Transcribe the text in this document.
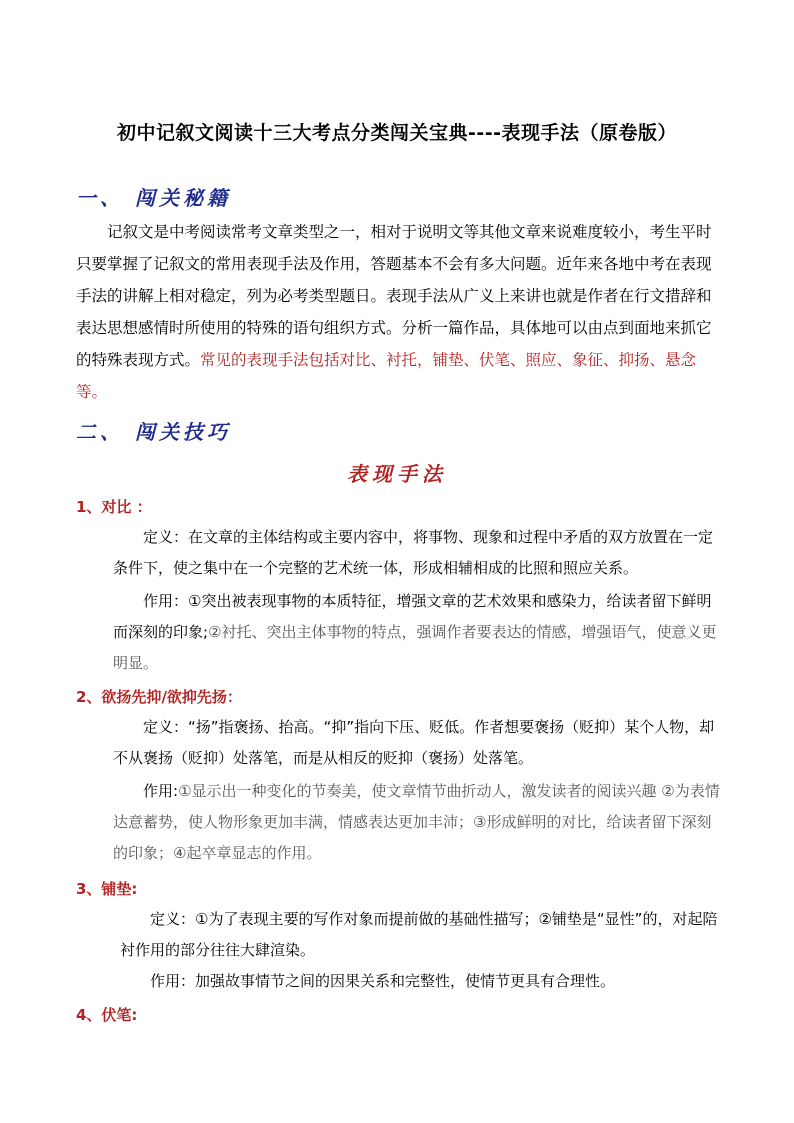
初中记叙文阅读十三大考点分类闯关宝典----表现手法（原卷版）
一、 闯关秘籍
记叙文是中考阅读常考文章类型之一，相对于说明文等其他文章来说难度较小，考生平时只要掌握了记叙文的常用表现手法及作用，答题基本不会有多大问题。近年来各地中考在表现手法的讲解上相对稳定，列为必考类型题日。表现手法从广义上来讲也就是作者在行文措辞和表达思想感情时所使用的特殊的语句组织方式。分析一篇作品，具体地可以由点到面地来抓它的特殊表现方式。常见的表现手法包括对比、衬托，铺垫、伏笔、照应、象征、抑扬、悬念等。
二、 闯关技巧
表现手法
1、对比 ：
定义：在文章的主体结构或主要内容中，将事物、现象和过程中矛盾的双方放置在一定条件下，使之集中在一个完整的艺术统一体，形成相辅相成的比照和照应关系。
作用：①突出被表现事物的本质特征，增强文章的艺术效果和感染力，给读者留下鲜明而深刻的印象;②衬托、突出主体事物的特点，强调作者要表达的情感，增强语气，使意义更明显。
2、欲扬先抑/欲抑先扬：
定义：“扬”指褒扬、抬高。“抑”指向下压、贬低。作者想要褒扬（贬抑）某个人物，却不从褒扬（贬抑）处落笔，而是从相反的贬抑（褒扬）处落笔。
作用:①显示出一种变化的节奏美，使文章情节曲折动人，激发读者的阅读兴趣 ②为表情达意蓄势，使人物形象更加丰满，情感表达更加丰沛；③形成鲜明的对比，给读者留下深刻的印象；④起卒章显志的作用。
3、铺垫:
定义：①为了表现主要的写作对象而提前做的基础性描写；②铺垫是“显性”的，对起陪衬作用的部分往往大肆渲染。
作用：加强故事情节之间的因果关系和完整性，使情节更具有合理性。
4、伏笔:
